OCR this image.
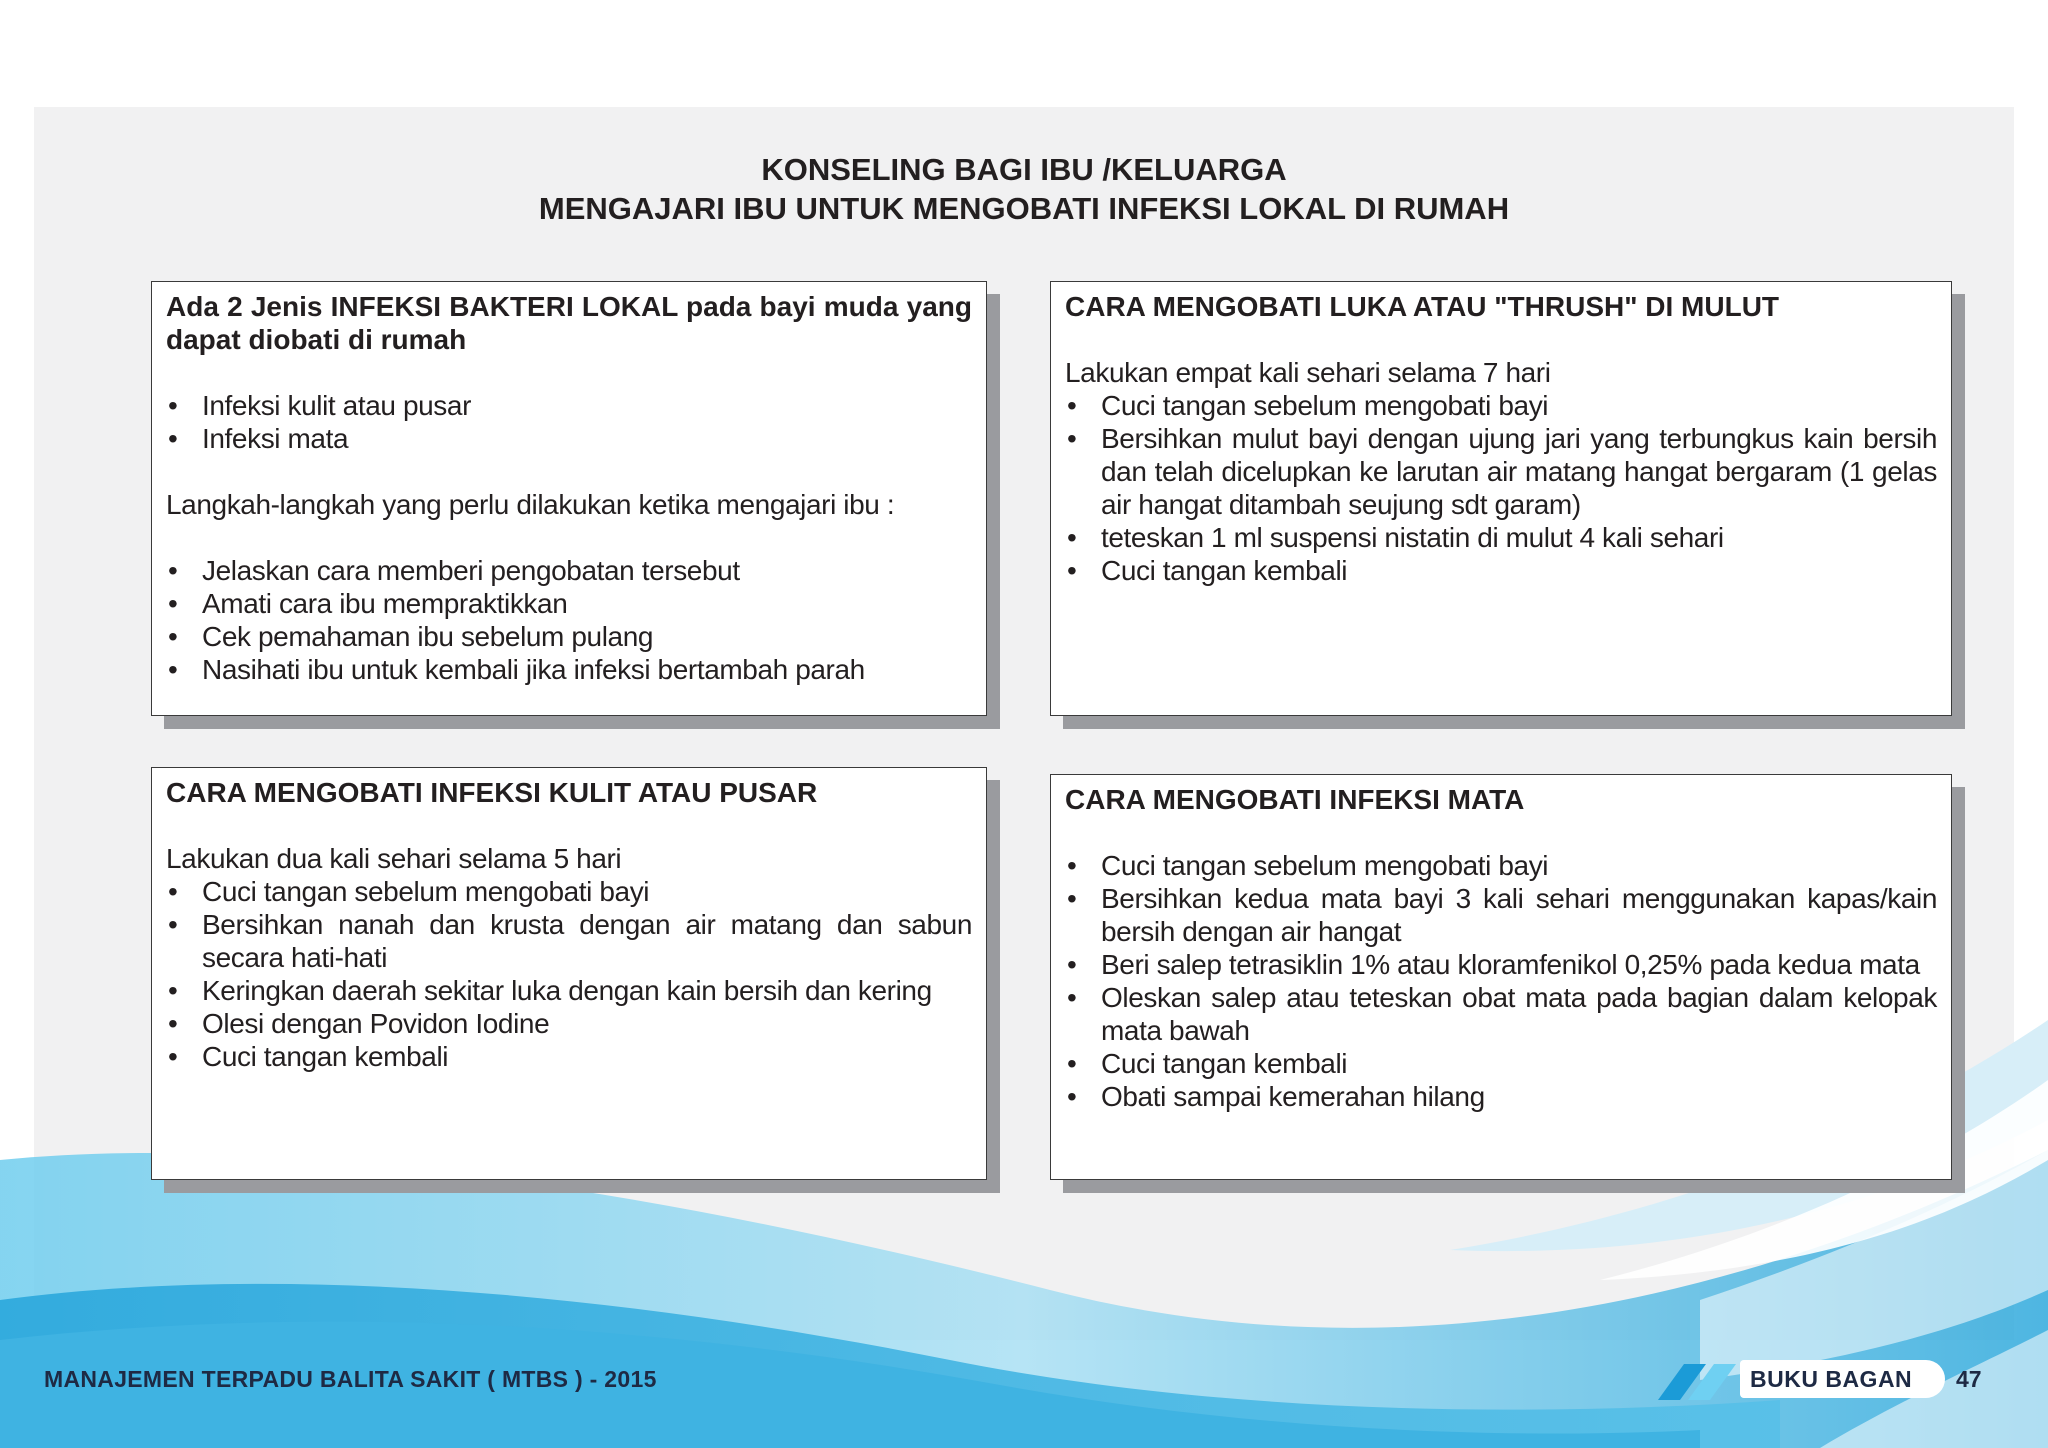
KONSELING BAGI IBU /KELUARGA
MENGAJARI IBU UNTUK MENGOBATI INFEKSI LOKAL DI RUMAH
Ada 2 Jenis INFEKSI BAKTERI LOKAL pada bayi muda yang dapat diobati di rumah
• Infeksi kulit atau pusar
• Infeksi mata
Langkah-langkah yang perlu dilakukan ketika mengajari ibu :
• Jelaskan cara memberi pengobatan tersebut
• Amati cara ibu mempraktikkan
• Cek pemahaman ibu sebelum pulang
• Nasihati ibu untuk kembali jika infeksi bertambah parah
CARA MENGOBATI LUKA ATAU "THRUSH" DI MULUT
Lakukan empat kali sehari selama 7 hari
• Cuci tangan sebelum mengobati bayi
• Bersihkan mulut bayi dengan ujung jari yang terbungkus kain bersih dan telah dicelupkan ke larutan air matang hangat bergaram (1 gelas air hangat ditambah seujung sdt garam)
• teteskan 1 ml suspensi nistatin di mulut 4 kali sehari
• Cuci tangan kembali
CARA MENGOBATI INFEKSI KULIT ATAU PUSAR
Lakukan dua kali sehari selama 5 hari
• Cuci tangan sebelum mengobati bayi
• Bersihkan nanah dan krusta dengan air matang dan sabun secara hati-hati
• Keringkan daerah sekitar luka dengan kain bersih dan kering
• Olesi dengan Povidon Iodine
• Cuci tangan kembali
CARA MENGOBATI INFEKSI MATA
• Cuci tangan sebelum mengobati bayi
• Bersihkan kedua mata bayi 3 kali sehari menggunakan kapas/kain bersih dengan air hangat
• Beri salep tetrasiklin 1% atau kloramfenikol 0,25% pada kedua mata
• Oleskan salep atau teteskan obat mata pada bagian dalam kelopak mata bawah
• Cuci tangan kembali
• Obati sampai kemerahan hilang
MANAJEMEN TERPADU BALITA SAKIT ( MTBS ) - 2015	BUKU BAGAN 47
